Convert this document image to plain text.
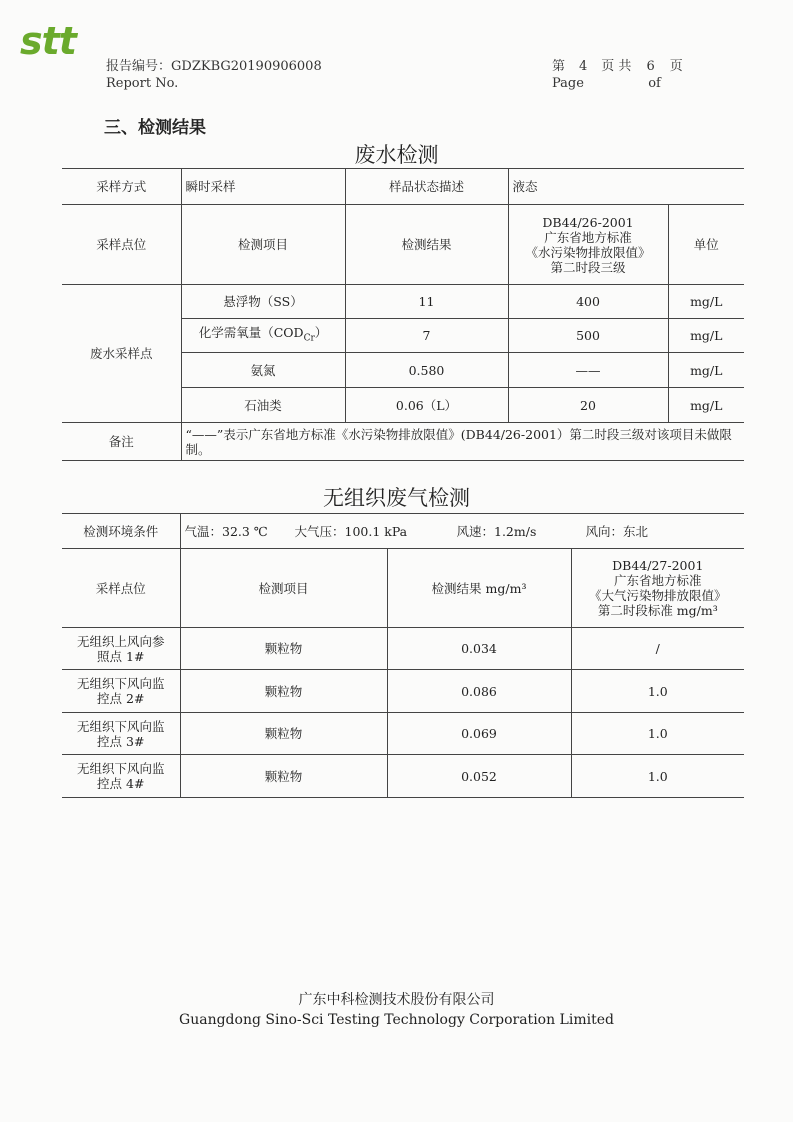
stt
报告编号：GDZKBG20190906008
Report No.
第 4 页 共 6 页
Page	of
三、检测结果
废水检测
采样方式	瞬时采样	样品状态描述	液态	
采样点位	检测项目	检测结果	DB44/26-2001
广东省地方标准
《水污染物排放限值》
第二时段三级	单位
废水采样点	悬浮物（SS）	11	400	mg/L
	化学需氧量$(COD_{Cr})$	7	500	mg/L
	氨氮	0.580	——	mg/L
	石油类	0.06（L）	20	mg/L
备注	“——”表示广东省地方标准《水污染物排放限值》(DB44/26-2001）第二时段三级对该项目未做限制。			
无组织废气检测
检测环境条件	气温：32.3 ℃ 大气压：100.1 kPa 风速：1.2m/s 风向：东北		
采样点位	检测项目	检测结果 mg/m³	DB44/27-2001
广东省地方标准
《大气污染物排放限值》
第二时段标准 mg/m³
无组织上风向参
照点 1#	颗粒物	0.034	/
无组织下风向监
控点 2#	颗粒物	0.086	1.0
无组织下风向监
控点 3#	颗粒物	0.069	1.0
无组织下风向监
控点 4#	颗粒物	0.052	1.0
广东中科检测技术股份有限公司
Guangdong Sino-Sci Testing Technology Corporation Limited
